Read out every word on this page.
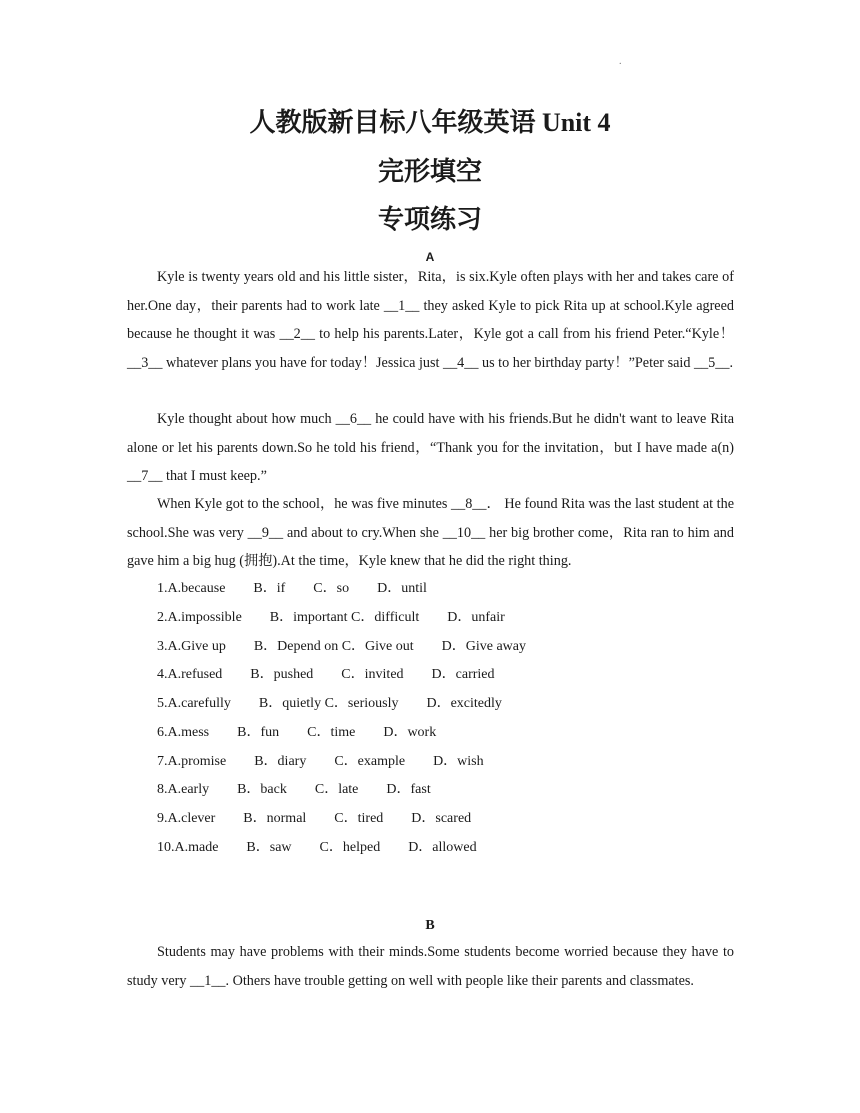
.
人教版新目标八年级英语 Unit 4
完形填空
专项练习
A
Kyle is twenty years old and his little sister，Rita，is six.Kyle often plays with her and takes care of her.One day，their parents had to work late __1__ they asked Kyle to pick Rita up at school.Kyle agreed because he thought it was __2__ to help his parents.Later，Kyle got a call from his friend Peter.“Kyle！__3__ whatever plans you have for today！Jessica just __4__ us to her birthday party！”Peter said __5__.
Kyle thought about how much __6__ he could have with his friends.But he didn't want to leave Rita alone or let his parents down.So he told his friend，“Thank you for the invitation，but I have made a(n) __7__ that I must keep.”
When Kyle got to the school，he was five minutes __8__． He found Rita was the last student at the school.She was very __9__ and about to cry.When she __10__ her big brother come，Rita ran to him and gave him a big hug (拥抱).At the time，Kyle knew that he did the right thing.
1.A.because        B．if        C．so        D．until
2.A.impossible        B．important C．difficult        D．unfair
3.A.Give up        B．Depend on C．Give out        D．Give away
4.A.refused        B．pushed        C．invited        D．carried
5.A.carefully        B．quietly C．seriously        D．excitedly
6.A.mess        B．fun        C．time        D．work
7.A.promise        B．diary        C．example        D．wish
8.A.early        B．back        C．late        D．fast
9.A.clever        B．normal        C．tired        D．scared
10.A.made        B．saw        C．helped        D．allowed
B
Students may have problems with their minds.Some students become worried because they have to study very __1__. Others have trouble getting on well with people like their parents and classmates.
